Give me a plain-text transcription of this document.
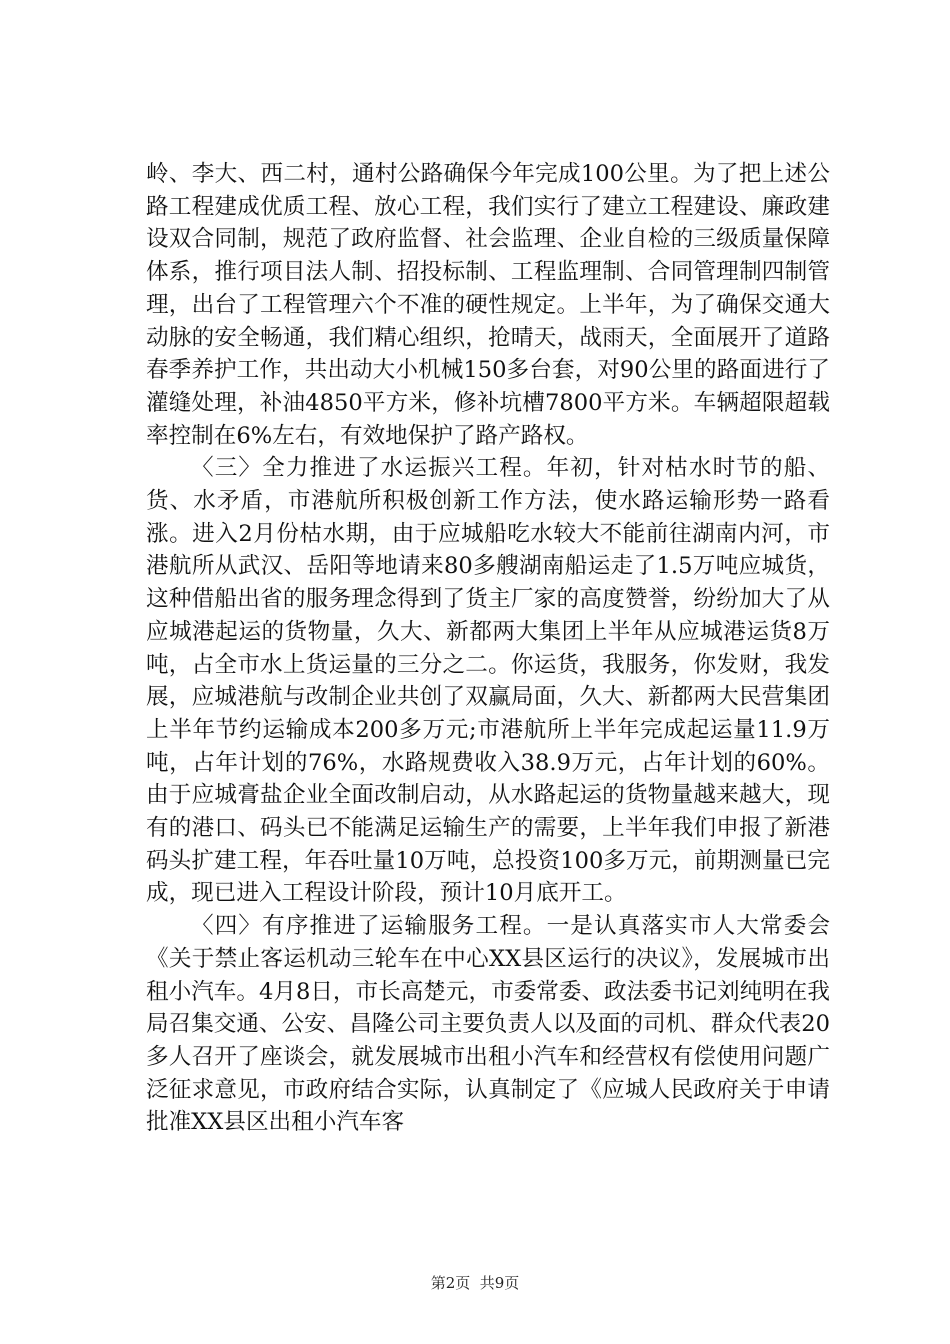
岭、李大、西二村，通村公路确保今年完成100公里。为了把上述公路工程建成优质工程、放心工程，我们实行了建立工程建设、廉政建设双合同制，规范了政府监督、社会监理、企业自检的三级质量保障体系，推行项目法人制、招投标制、工程监理制、合同管理制四制管理，出台了工程管理六个不准的硬性规定。上半年，为了确保交通大动脉的安全畅通，我们精心组织，抢晴天，战雨天，全面展开了道路春季养护工作，共出动大小机械150多台套，对90公里的路面进行了灌缝处理，补油4850平方米，修补坑槽7800平方米。车辆超限超载率控制在6%左右，有效地保护了路产路权。

〈三〉全力推进了水运振兴工程。年初，针对枯水时节的船、货、水矛盾，市港航所积极创新工作方法，使水路运输形势一路看涨。进入2月份枯水期，由于应城船吃水较大不能前往湖南内河，市港航所从武汉、岳阳等地请来80多艘湖南船运走了1.5万吨应城货，这种借船出省的服务理念得到了货主厂家的高度赞誉，纷纷加大了从应城港起运的货物量，久大、新都两大集团上半年从应城港运货8万吨，占全市水上货运量的三分之二。你运货，我服务，你发财，我发展，应城港航与改制企业共创了双赢局面，久大、新都两大民营集团上半年节约运输成本200多万元;市港航所上半年完成起运量11.9万吨，占年计划的76%，水路规费收入38.9万元，占年计划的60%。由于应城膏盐企业全面改制启动，从水路起运的货物量越来越大，现有的港口、码头已不能满足运输生产的需要，上半年我们申报了新港码头扩建工程，年吞吐量10万吨，总投资100多万元，前期测量已完成，现已进入工程设计阶段，预计10月底开工。

〈四〉有序推进了运输服务工程。一是认真落实市人大常委会《关于禁止客运机动三轮车在中心XX县区运行的决议》，发展城市出租小汽车。4月8日，市长高楚元，市委常委、政法委书记刘纯明在我局召集交通、公安、昌隆公司主要负责人以及面的司机、群众代表20多人召开了座谈会，就发展城市出租小汽车和经营权有偿使用问题广泛征求意见，市政府结合实际，认真制定了《应城人民政府关于申请批准XX县区出租小汽车客

第2页  共9页
